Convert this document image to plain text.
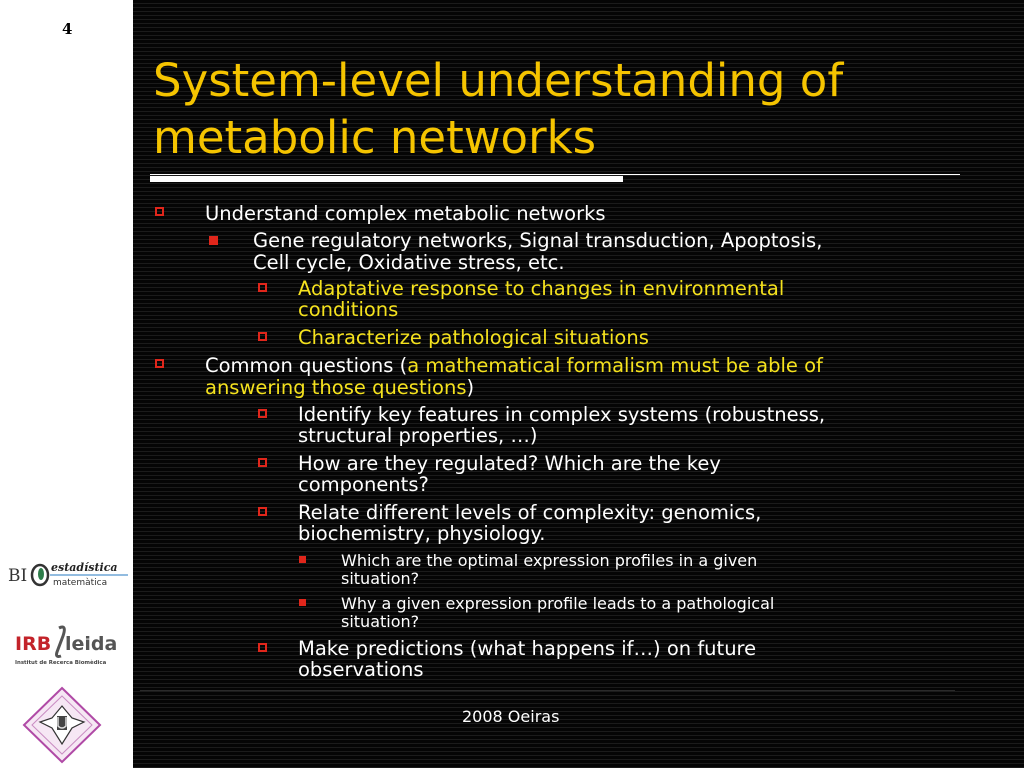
4
BI estadística
matemàtica
IRB leida
Institut de Recerca Biomèdica
System-level understanding of
metabolic networks
Understand complex metabolic networks
Gene regulatory networks, Signal transduction, Apoptosis,
Cell cycle, Oxidative stress, etc.
Adaptative response to changes in environmental
conditions
Characterize pathological situations
Common questions (a mathematical formalism must be able of
answering those questions)
Identify key features in complex systems (robustness,
structural properties, …)
How are they regulated? Which are the key
components?
Relate different levels of complexity: genomics,
biochemistry, physiology.
Which are the optimal expression profiles in a given
situation?
Why a given expression profile leads to a pathological
situation?
Make predictions (what happens if…) on future
observations
2008 Oeiras
